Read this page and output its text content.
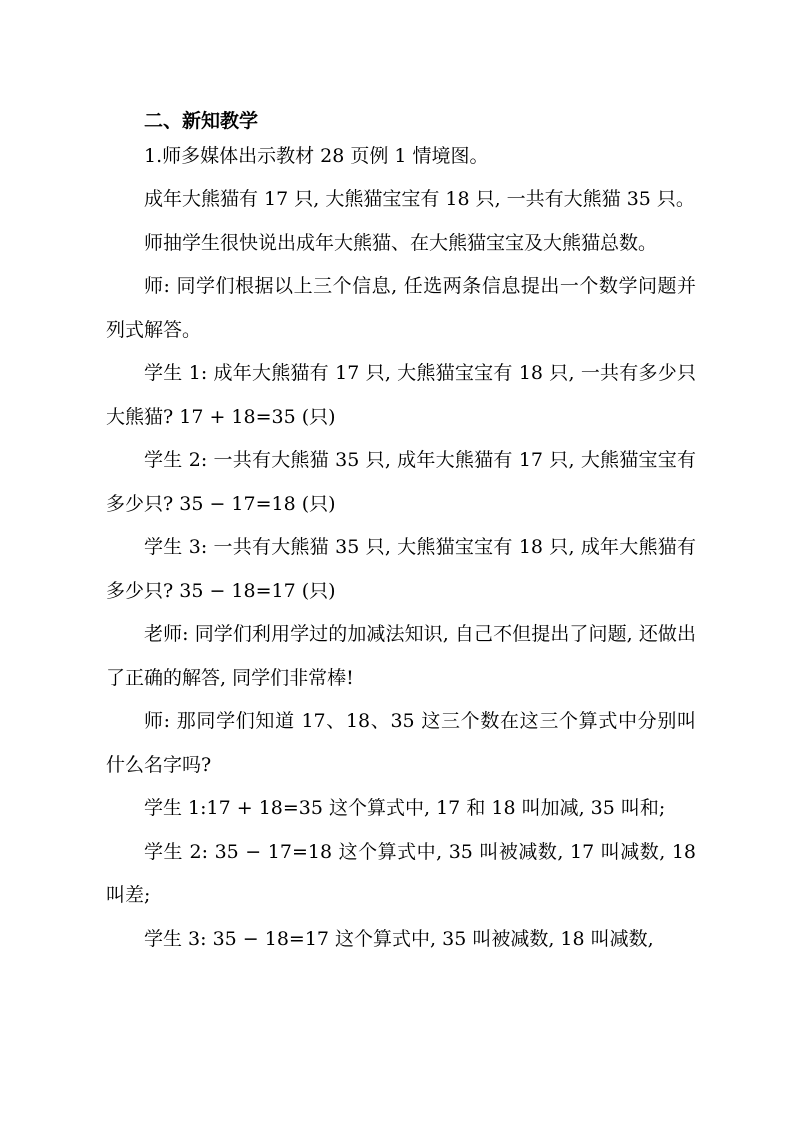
二、新知教学

1.师多媒体出示教材 28 页例 1 情境图。

成年大熊猫有 17 只, 大熊猫宝宝有 18 只, 一共有大熊猫 35 只。

师抽学生很快说出成年大熊猫、在大熊猫宝宝及大熊猫总数。

师: 同学们根据以上三个信息, 任选两条信息提出一个数学问题并列式解答。

学生 1: 成年大熊猫有 17 只, 大熊猫宝宝有 18 只, 一共有多少只大熊猫? 17 + 18=35 (只)

学生 2: 一共有大熊猫 35 只, 成年大熊猫有 17 只, 大熊猫宝宝有多少只? 35 − 17=18 (只)

学生 3: 一共有大熊猫 35 只, 大熊猫宝宝有 18 只, 成年大熊猫有多少只? 35 − 18=17 (只)

老师: 同学们利用学过的加减法知识, 自己不但提出了问题, 还做出了正确的解答, 同学们非常棒!

师: 那同学们知道 17、18、35 这三个数在这三个算式中分别叫什么名字吗?

学生 1:17 + 18=35 这个算式中, 17 和 18 叫加减, 35 叫和;

学生 2: 35 − 17=18 这个算式中, 35 叫被减数, 17 叫减数, 18 叫差;

学生 3: 35 − 18=17 这个算式中, 35 叫被减数, 18 叫减数,
